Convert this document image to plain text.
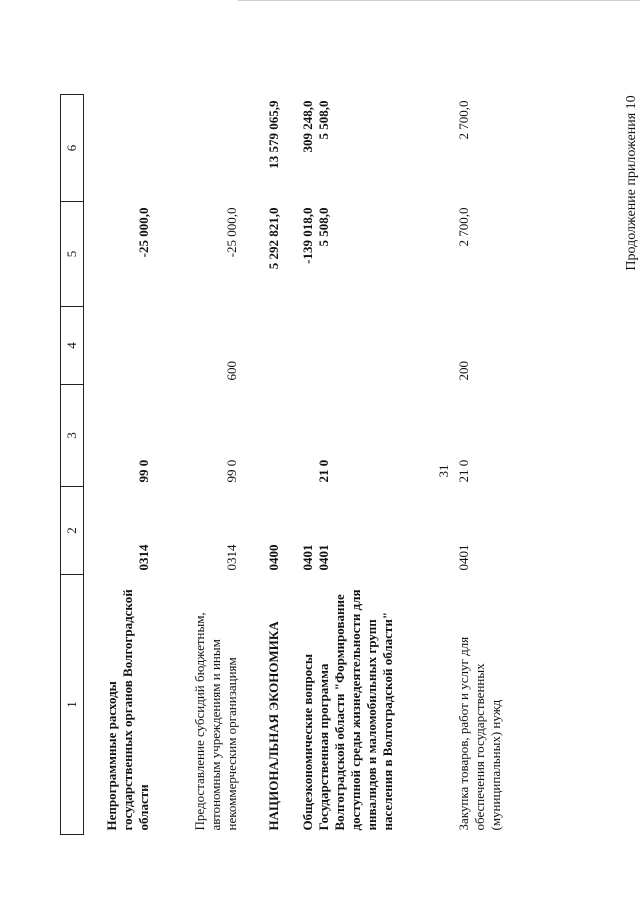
31
Продолжение приложения 10
1	2	3	4	5	6
Непрограммные расходы государственных органов Волгоградской области	0314	99 0		-25 000,0	
Предоставление субсидий бюджетным, автономным учреждениям и иным некоммерческим организациям	0314	99 0	600	-25 000,0	
НАЦИОНАЛЬНАЯ ЭКОНОМИКА	0400			5 292 821,0	13 579 065,9
Общеэкономические вопросы	0401			-139 018,0	309 248,0
Государственная программа Волгоградской области "Формирование доступной среды жизнедеятельности для инвалидов и маломобильных групп населения в Волгоградской области"	0401	21 0		5 508,0	5 508,0
Закупка товаров, работ и услуг для обеспечения государственных (муниципальных) нужд	0401	21 0	200	2 700,0	2 700,0
